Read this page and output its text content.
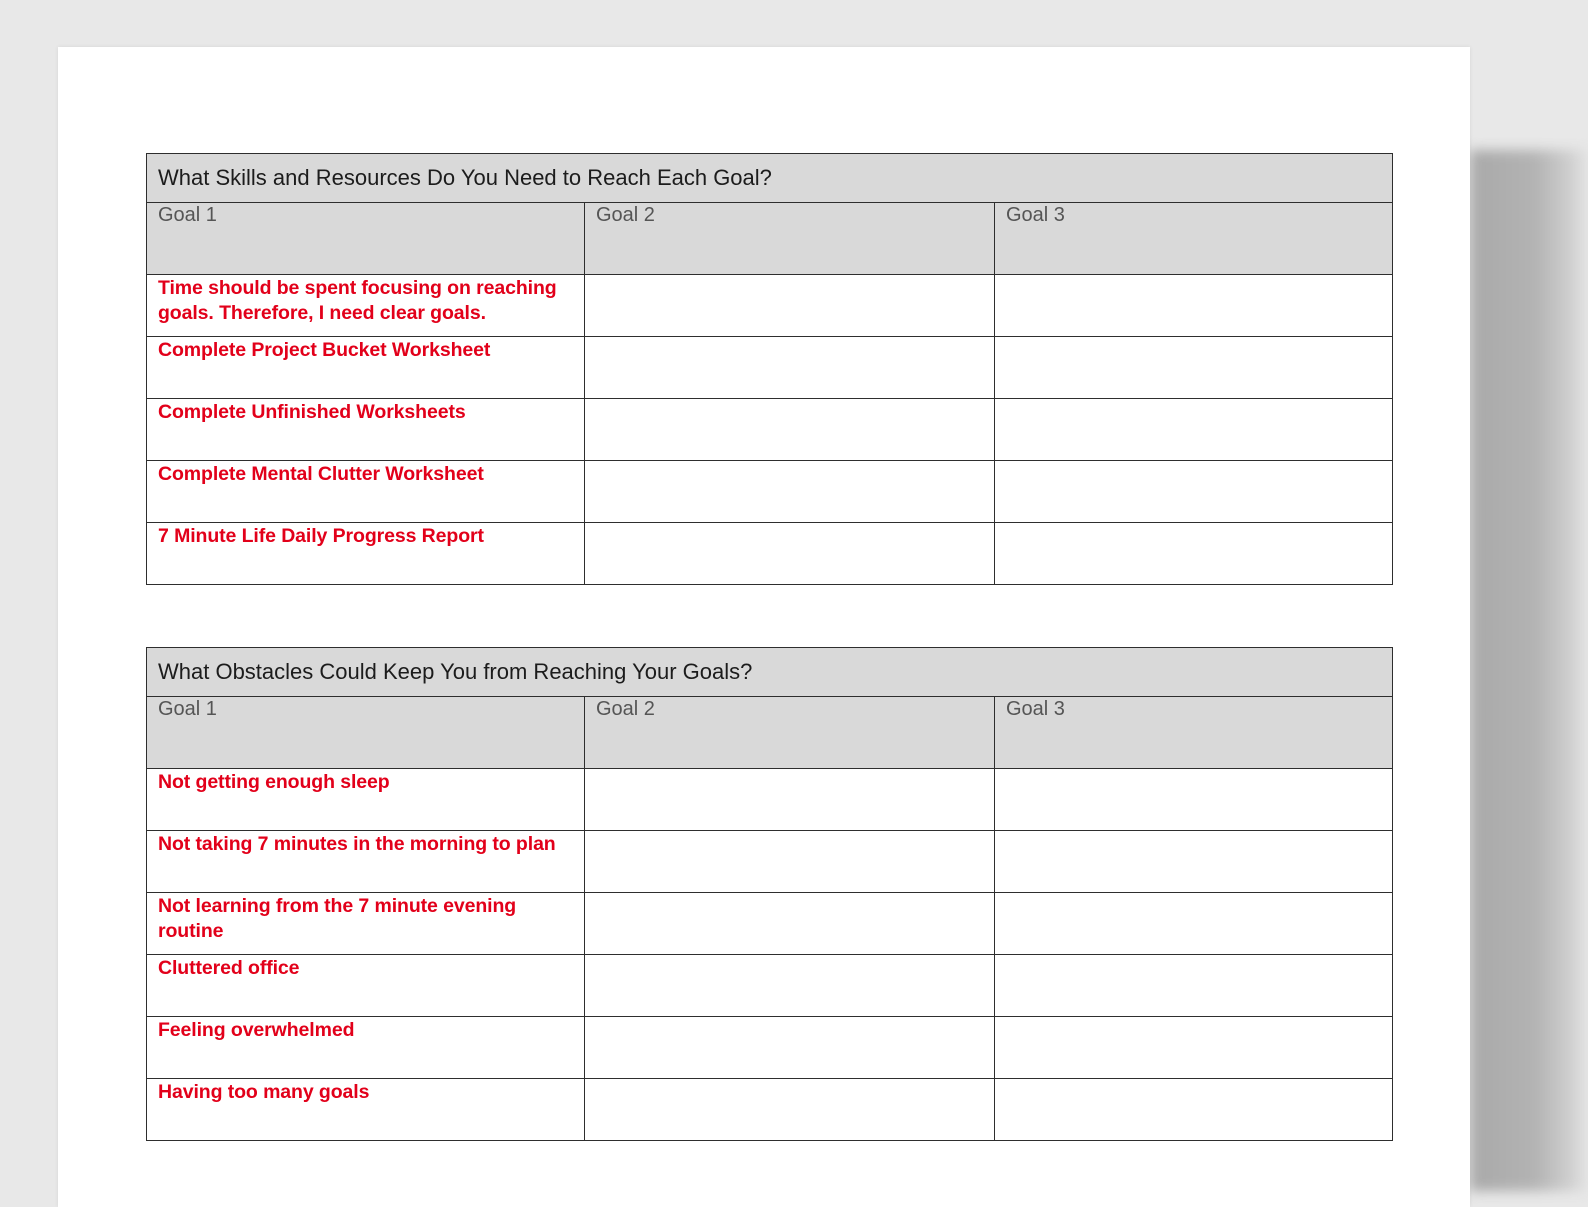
What Skills and Resources Do You Need to Reach Each Goal?		
Goal 1	Goal 2	Goal 3

Time should be spent focusing on reaching goals. Therefore, I need clear goals.		

Complete Project Bucket Worksheet		

Complete Unfinished Worksheets		

Complete Mental Clutter Worksheet		

7 Minute Life Daily Progress Report		

What Obstacles Could Keep You from Reaching Your Goals?		
Goal 1	Goal 2	Goal 3

Not getting enough sleep		

Not taking 7 minutes in the morning to plan		

Not learning from the 7 minute evening routine		

Cluttered office		

Feeling overwhelmed		

Having too many goals		
